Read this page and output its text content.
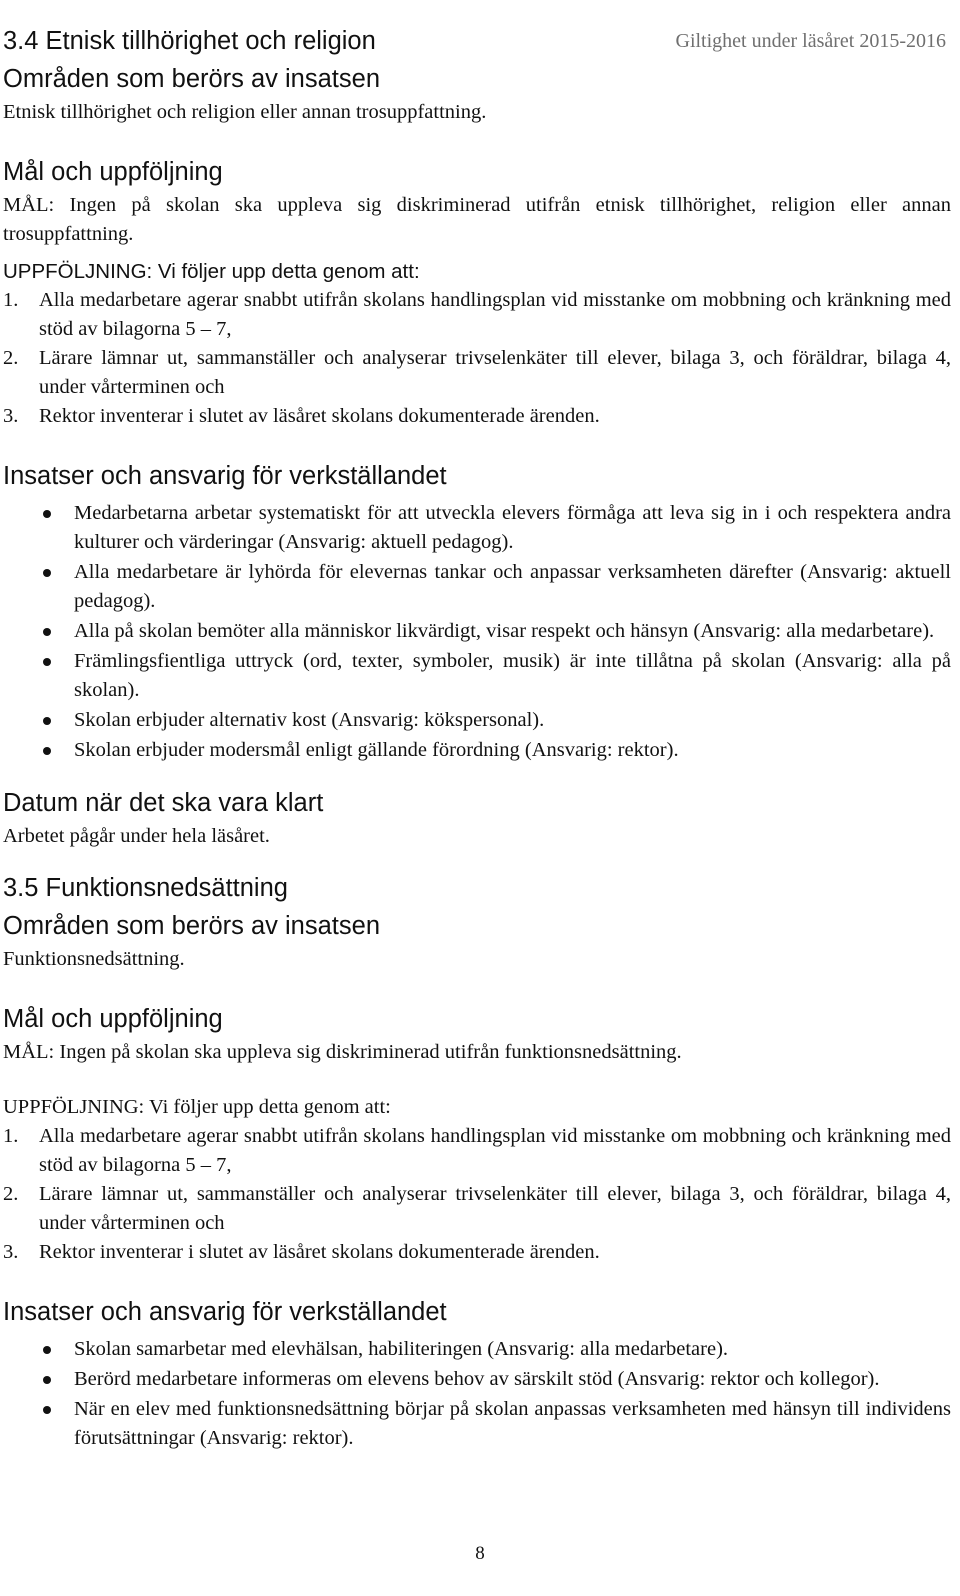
Giltighet under läsåret 2015-2016
3.4 Etnisk tillhörighet och religion
Områden som berörs av insatsen

Etnisk tillhörighet och religion eller annan trosuppfattning.

Mål och uppföljning

MÅL: Ingen på skolan ska uppleva sig diskriminerad utifrån etnisk tillhörighet, religion eller annan trosuppfattning.

UPPFÖLJNING: Vi följer upp detta genom att:

1. Alla medarbetare agerar snabbt utifrån skolans handlingsplan vid misstanke om mobbning och kränkning med stöd av bilagorna 5 – 7,
2. Lärare lämnar ut, sammanställer och analyserar trivselenkäter till elever, bilaga 3, och föräldrar, bilaga 4, under vårterminen och
3. Rektor inventerar i slutet av läsåret skolans dokumenterade ärenden.
Insatser och ansvarig för verkställandet
Medarbetarna arbetar systematiskt för att utveckla elevers förmåga att leva sig in i och respektera andra kulturer och värderingar (Ansvarig: aktuell pedagog).
Alla medarbetare är lyhörda för elevernas tankar och anpassar verksamheten därefter (Ansvarig: aktuell pedagog).
Alla på skolan bemöter alla människor likvärdigt, visar respekt och hänsyn (Ansvarig: alla medarbetare).
Främlingsfientliga uttryck (ord, texter, symboler, musik) är inte tillåtna på skolan (Ansvarig: alla på skolan).
Skolan erbjuder alternativ kost (Ansvarig: kökspersonal).
Skolan erbjuder modersmål enligt gällande förordning (Ansvarig: rektor).
Datum när det ska vara klart

Arbetet pågår under hela läsåret.

3.5 Funktionsnedsättning
Områden som berörs av insatsen

Funktionsnedsättning.

Mål och uppföljning

MÅL: Ingen på skolan ska uppleva sig diskriminerad utifrån funktionsnedsättning.

UPPFÖLJNING: Vi följer upp detta genom att:

1. Alla medarbetare agerar snabbt utifrån skolans handlingsplan vid misstanke om mobbning och kränkning med stöd av bilagorna 5 – 7,
2. Lärare lämnar ut, sammanställer och analyserar trivselenkäter till elever, bilaga 3, och föräldrar, bilaga 4, under vårterminen och
3. Rektor inventerar i slutet av läsåret skolans dokumenterade ärenden.
Insatser och ansvarig för verkställandet
Skolan samarbetar med elevhälsan, habiliteringen (Ansvarig: alla medarbetare).
Berörd medarbetare informeras om elevens behov av särskilt stöd (Ansvarig: rektor och kollegor).
När en elev med funktionsnedsättning börjar på skolan anpassas verksamheten med hänsyn till individens förutsättningar (Ansvarig: rektor).
8
